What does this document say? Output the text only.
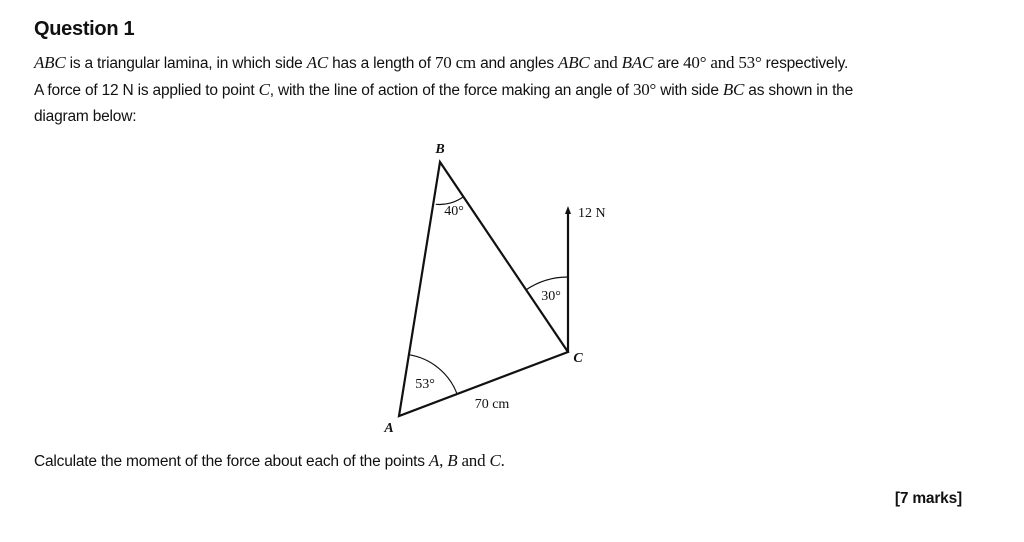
Question 1
ABC is a triangular lamina, in which side AC has a length of 70 cm and angles ABC and BAC are 40° and 53° respectively.
A force of 12 N is applied to point C, with the line of action of the force making an angle of 30° with side BC as shown in the
diagram below:
B
A
C
40°
53°
30°
12 N
70 cm
Calculate the moment of the force about each of the points A, B and C.
[7 marks]
